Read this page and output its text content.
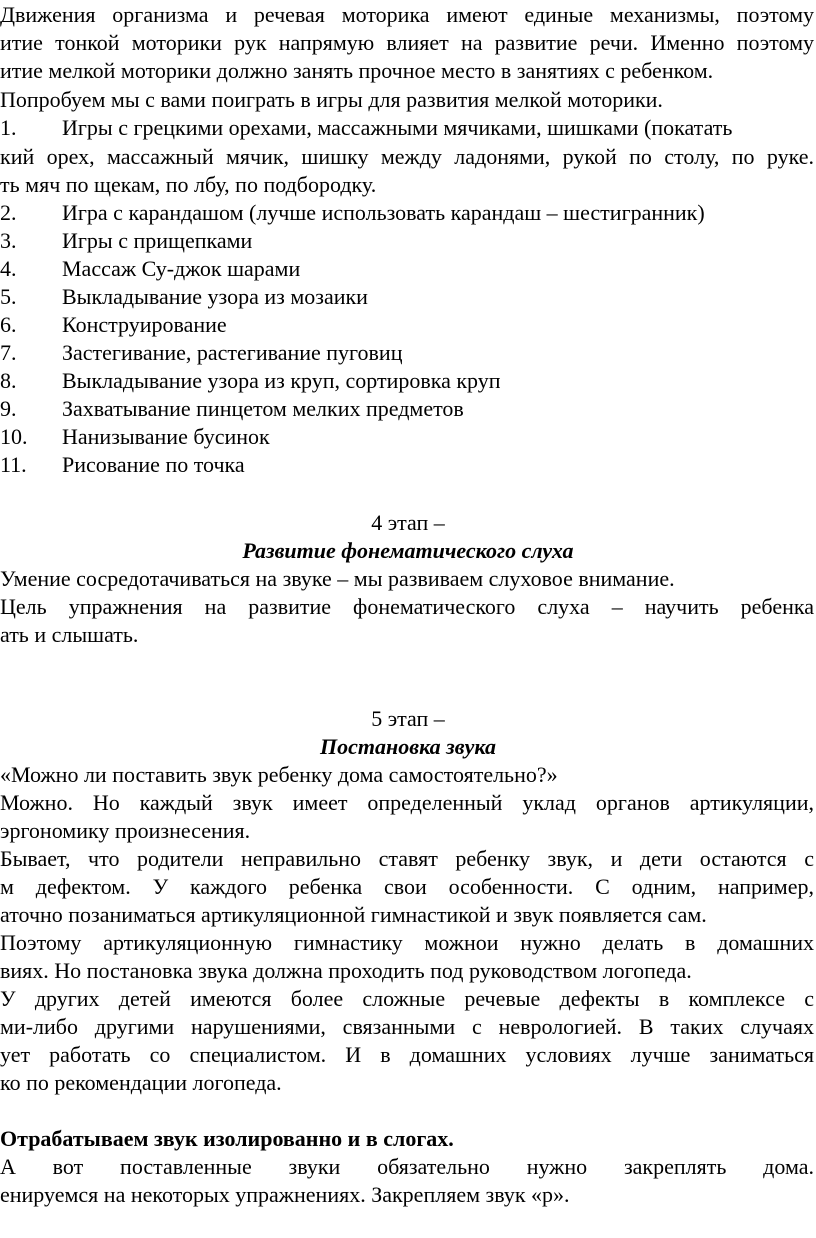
Движения организма и речевая моторика имеют единые механизмы, поэтому
итие тонкой моторики рук напрямую влияет на развитие речи. Именно поэтому
итие мелкой моторики должно занять прочное место в занятиях с ребенком.
Попробуем мы с вами поиграть в игры для развития мелкой моторики.
1. Игры с грецкими орехами, массажными мячиками, шишками (покатать
кий орех, массажный мячик, шишку между ладонями, рукой по столу, по руке.
ть мяч по щекам, по лбу, по подбородку.
2. Игра с карандашом (лучше использовать карандаш – шестигранник)
3. Игры с прищепками
4. Массаж Су-джок шарами
5. Выкладывание узора из мозаики
6. Конструирование
7. Застегивание, растегивание пуговиц
8. Выкладывание узора из круп, сортировка круп
9. Захватывание пинцетом мелких предметов
10. Нанизывание бусинок
11. Рисование по точка
4 этап –
Развитие фонематического слуха
Умение сосредотачиваться на звуке – мы развиваем слуховое внимание.
Цель упражнения на развитие фонематического слуха – научить ребенка
ать и слышать.
5 этап –
Постановка звука
«Можно ли поставить звук ребенку дома самостоятельно?»
Можно. Но каждый звук имеет определенный уклад органов артикуляции,
эргономику произнесения.
Бывает, что родители неправильно ставят ребенку звук, и дети остаются с
м дефектом. У каждого ребенка свои особенности. С одним, например,
аточно позаниматься артикуляционной гимнастикой и звук появляется сам.
Поэтому артикуляционную гимнастику можнои нужно делать в домашних
виях. Но постановка звука должна проходить под руководством логопеда.
У других детей имеются более сложные речевые дефекты в комплексе с
ми-либо другими нарушениями, связанными с неврологией. В таких случаях
ует работать со специалистом. И в домашних условиях лучше заниматься
ко по рекомендации логопеда.
Отрабатываем звук изолированно и в слогах.
А вот поставленные звуки обязательно нужно закреплять дома.
енируемся на некоторых упражнениях. Закрепляем звук «р».
